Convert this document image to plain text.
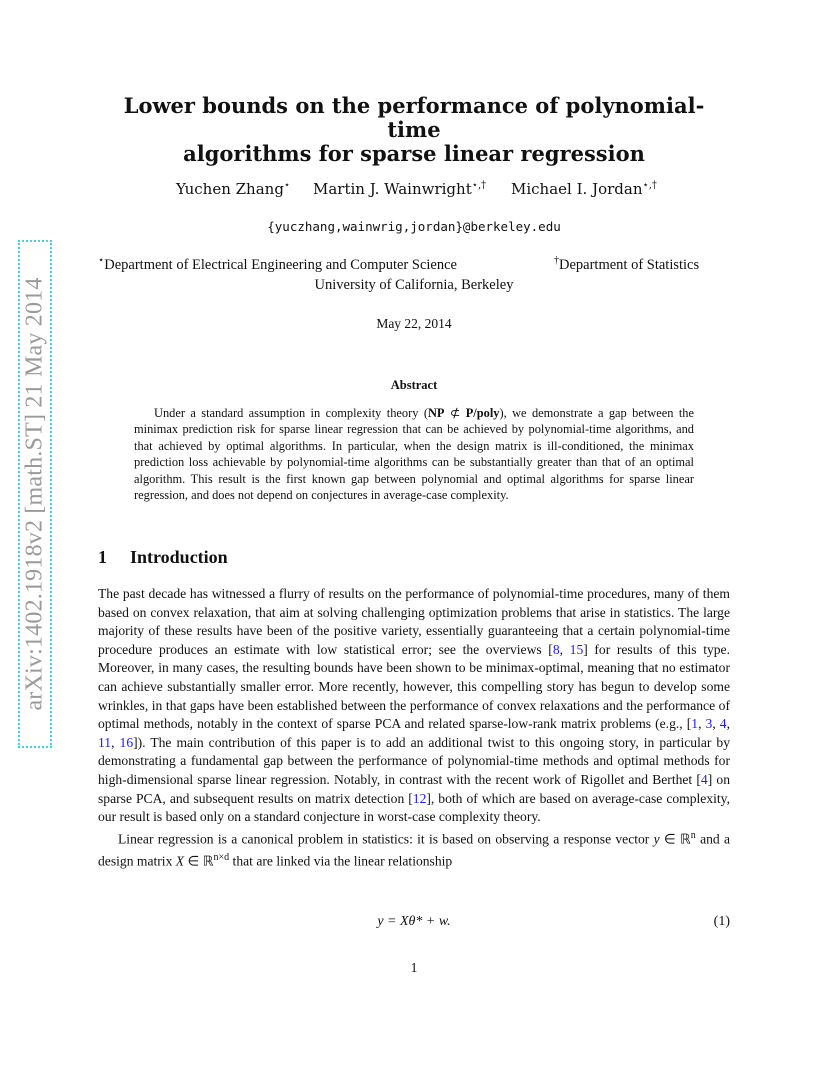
arXiv:1402.1918v2 [math.ST] 21 May 2014
Lower bounds on the performance of polynomial-time
algorithms for sparse linear regression
Yuchen Zhang⋆ Martin J. Wainwright⋆,† Michael I. Jordan⋆,†
{yuczhang,wainwrig,jordan}@berkeley.edu
⋆Department of Electrical Engineering and Computer Science	†Department of Statistics
University of California, Berkeley
May 22, 2014
Abstract
Under a standard assumption in complexity theory (NP ⊄ P/poly), we demonstrate a gap between the minimax prediction risk for sparse linear regression that can be achieved by polynomial-time algorithms, and that achieved by optimal algorithms. In particular, when the design matrix is ill-conditioned, the minimax prediction loss achievable by polynomial-time algorithms can be substantially greater than that of an optimal algorithm. This result is the first known gap between polynomial and optimal algorithms for sparse linear regression, and does not depend on conjectures in average-case complexity.
1 Introduction

The past decade has witnessed a flurry of results on the performance of polynomial-time procedures, many of them based on convex relaxation, that aim at solving challenging optimization problems that arise in statistics. The large majority of these results have been of the positive variety, essentially guaranteeing that a certain polynomial-time procedure produces an estimate with low statistical error; see the overviews [8, 15] for results of this type. Moreover, in many cases, the resulting bounds have been shown to be minimax-optimal, meaning that no estimator can achieve substantially smaller error. More recently, however, this compelling story has begun to develop some wrinkles, in that gaps have been established between the performance of convex relaxations and the performance of optimal methods, notably in the context of sparse PCA and related sparse-low-rank matrix problems (e.g., [1, 3, 4, 11, 16]). The main contribution of this paper is to add an additional twist to this ongoing story, in particular by demonstrating a fundamental gap between the performance of polynomial-time methods and optimal methods for high-dimensional sparse linear regression. Notably, in contrast with the recent work of Rigollet and Berthet [4] on sparse PCA, and subsequent results on matrix detection [12], both of which are based on average-case complexity, our result is based only on a standard conjecture in worst-case complexity theory.

Linear regression is a canonical problem in statistics: it is based on observing a response vector y ∈ ℝ$^n$ and a design matrix X ∈ ℝ$^{n\times d}$ that are linked via the linear relationship

y = Xθ* + w.	(1)
1
